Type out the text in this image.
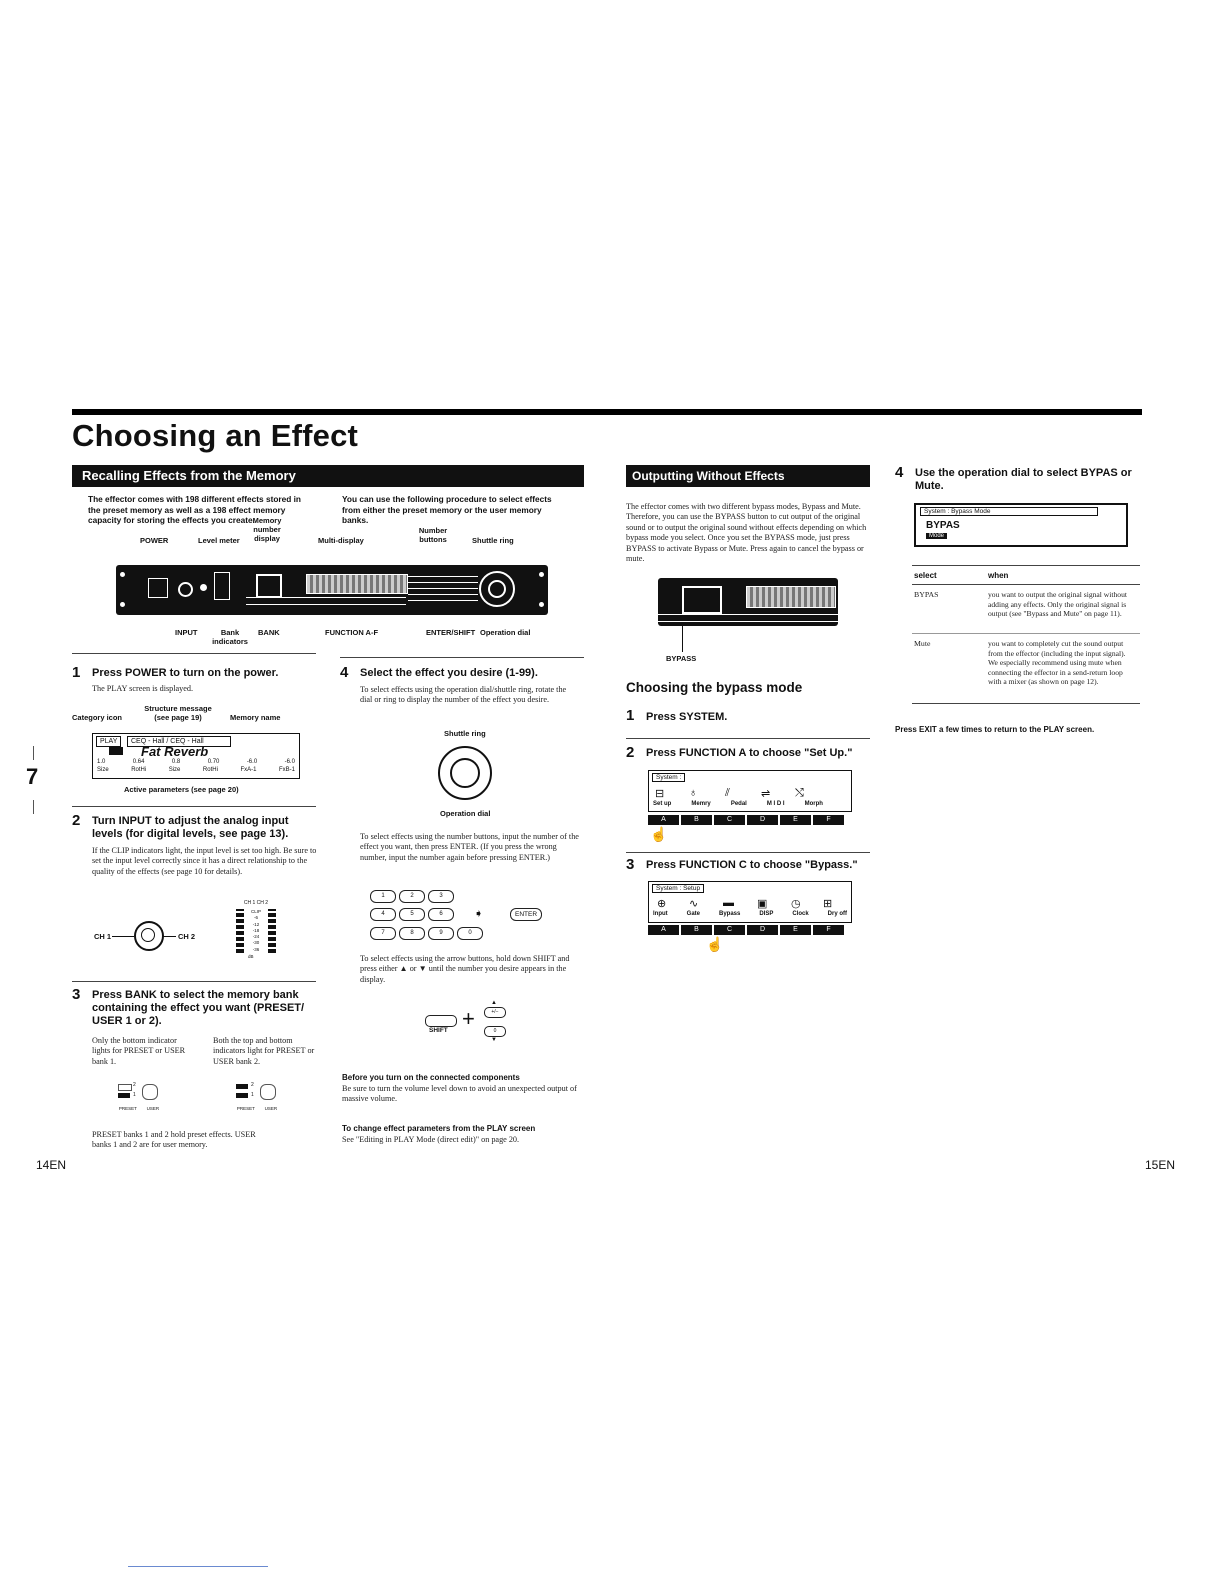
Choosing an Effect
7
Recalling Effects from the Memory
The effector comes with 198 different effects stored in the preset memory as well as a 198 effect memory capacity for storing the effects you create.
You can use the following procedure to select effects from either the preset memory or the user memory banks.
POWER	Level meter
Memory number display	Multi-display
Number buttons	Shuttle ring
INPUT	Bank indicators
BANK	FUNCTION A-F	ENTER/SHIFT Operation dial
1 Press POWER to turn on the power.
The PLAY screen is displayed.
Structure message (see page 19)
Category icon	Memory name
PLAY	CEQ - Hall / CEQ - Hall
Fat Reverb
1.0	0.64	0.8	0.70	-6.0	-6.0
Size	RotHi	Size	RotHi	FxA-1	FxB-1
Active parameters (see page 20)
2 Turn INPUT to adjust the analog input levels (for digital levels, see page 13).
If the CLIP indicators light, the input level is set too high. Be sure to set the input level correctly since it has a direct relationship to the quality of the effects (see page 10 for details).
CH 1	CH 2
CH 1 CH 2
CLIP
-6
-12
-18
-24
-30
-36
dB
3 Press BANK to select the memory bank containing the effect you want (PRESET/ USER 1 or 2).
Only the bottom indicator lights for PRESET or USER bank 1.
Both the top and bottom indicators light for PRESET or USER bank 2.
2
1
PRESET USER
2
1
PRESET USER
PRESET banks 1 and 2 hold preset effects. USER banks 1 and 2 are for user memory.
14EN
4 Select the effect you desire (1-99).
To select effects using the operation dial/shuttle ring, rotate the dial or ring to display the number of the effect you desire.
Shuttle ring
Operation dial
To select effects using the number buttons, input the number of the effect you want, then press ENTER. (If you press the wrong number, input the number again before pressing ENTER.)
1	2	3
4	5	6	➧	ENTER
7	8	9	0
To select effects using the arrow buttons, hold down SHIFT and press either ▲ or ▼ until the number you desire appears in the display.
SHIFT +
▲
+/−
0
▼
Before you turn on the connected components
Be sure to turn the volume level down to avoid an unexpected output of massive volume.
To change effect parameters from the PLAY screen
See "Editing in PLAY Mode (direct edit)" on page 20.
Outputting Without Effects (BYPASS/MUTE)
The effector comes with two different bypass modes, Bypass and Mute. Therefore, you can use the BYPASS button to cut output of the original sound or to output the original sound without effects depending on which bypass mode you select. Once you set the BYPASS mode, just press BYPASS to activate Bypass or Mute. Press again to cancel the bypass or mute.
BYPASS
Choosing the bypass mode
1 Press SYSTEM.
2 Press FUNCTION A to choose "Set Up."
System :
⊟ ♁	⫽	⇌ ⤭
Set up	Memry	Pedal	M I D I	Morph
A	B	C	D	E	F
☝
3 Press FUNCTION C to choose "Bypass."
System : Setup
⊕ ∿ ▬ ▣ ◷ ⊞
Input	Gate	Bypass	DISP	Clock	Dry off
A	B	C	D	E	F
☝
4 Use the operation dial to select BYPAS or Mute.
System : Bypass Mode
BYPAS
Mode
select	when
BYPAS	you want to output the original signal without adding any effects. Only the original signal is output (see "Bypass and Mute" on page 11).
Mute	you want to completely cut the sound output from the effector (including the input signal). We especially recommend using mute when connecting the effector in a send-return loop with a mixer (as shown on page 12).
Press EXIT a few times to return to the PLAY screen.
15EN
